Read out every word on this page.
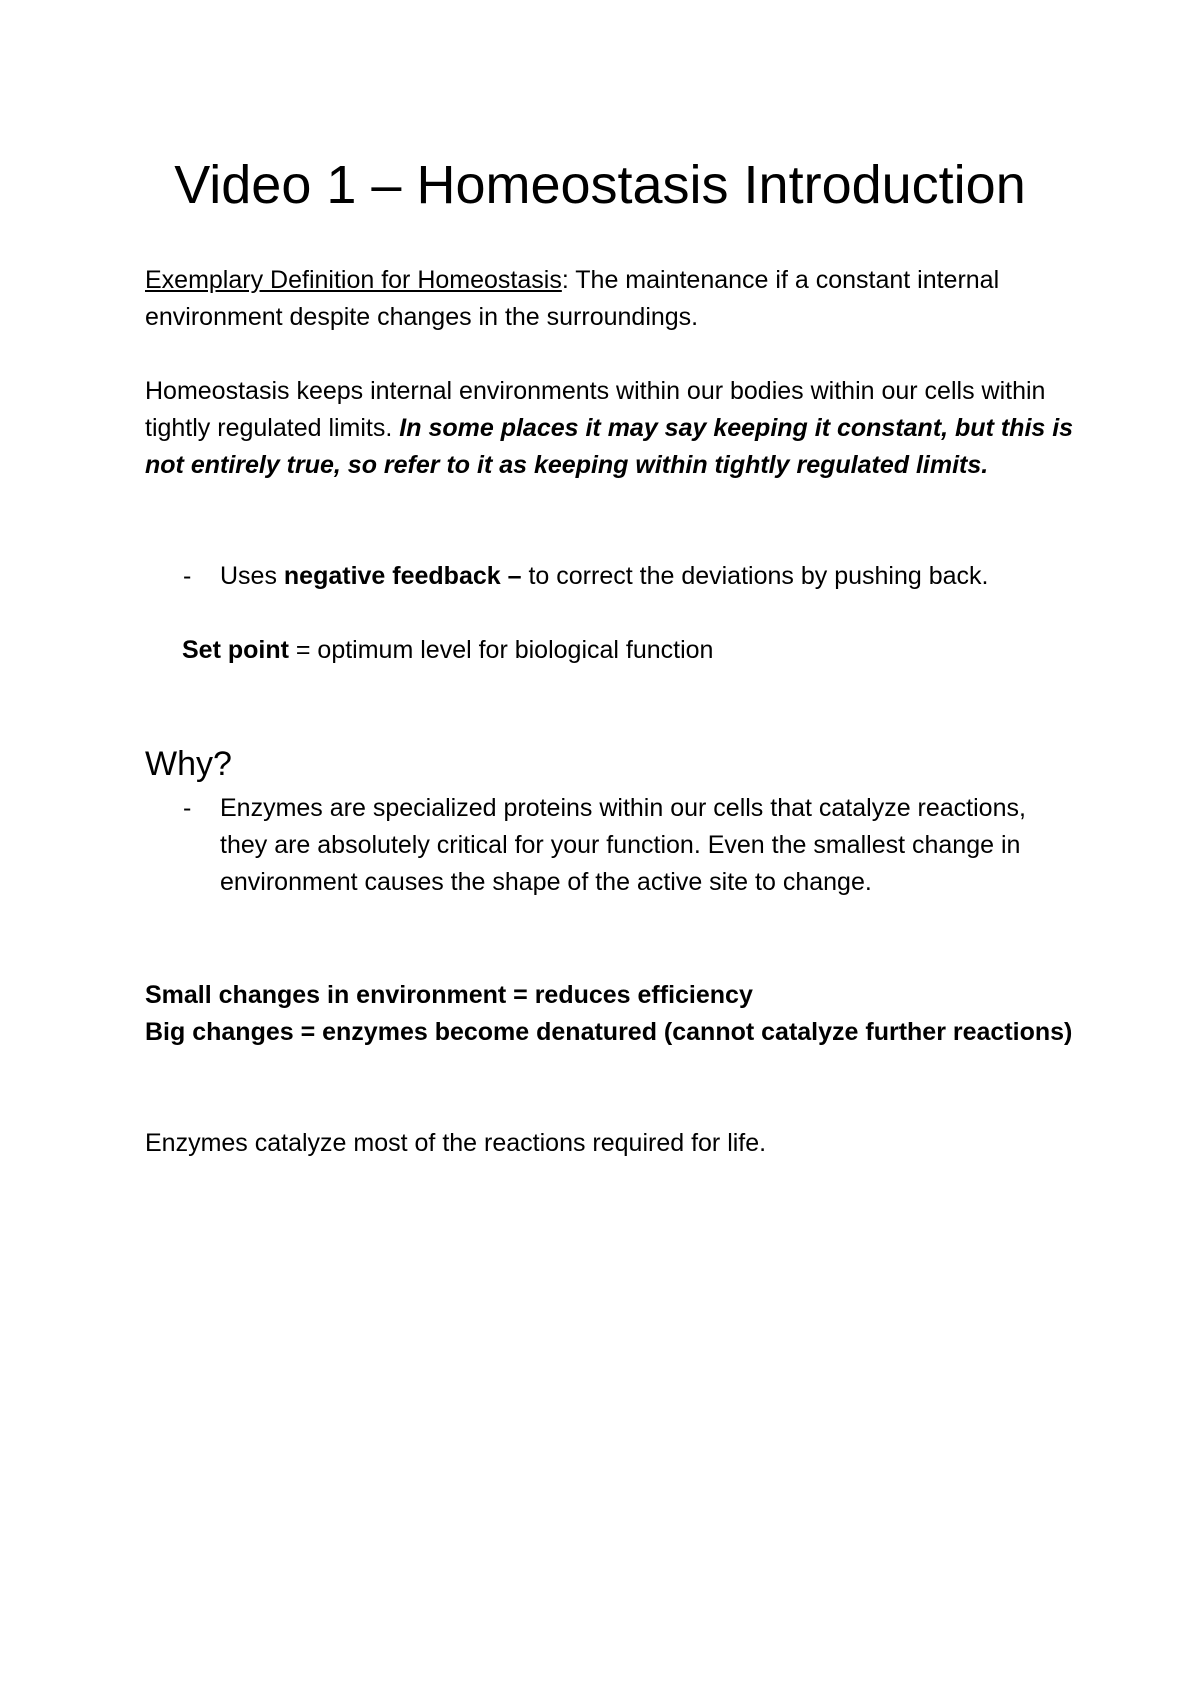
Video 1 – Homeostasis Introduction

Exemplary Definition for Homeostasis: The maintenance if a constant internal environment despite changes in the surroundings.

Homeostasis keeps internal environments within our bodies within our cells within tightly regulated limits. In some places it may say keeping it constant, but this is not entirely true, so refer to it as keeping within tightly regulated limits.

- Uses negative feedback – to correct the deviations by pushing back.
Set point = optimum level for biological function
Why?
- Enzymes are specialized proteins within our cells that catalyze reactions, they are absolutely critical for your function. Even the smallest change in environment causes the shape of the active site to change.

Small changes in environment = reduces efficiency

Big changes = enzymes become denatured (cannot catalyze further reactions)

Enzymes catalyze most of the reactions required for life.
